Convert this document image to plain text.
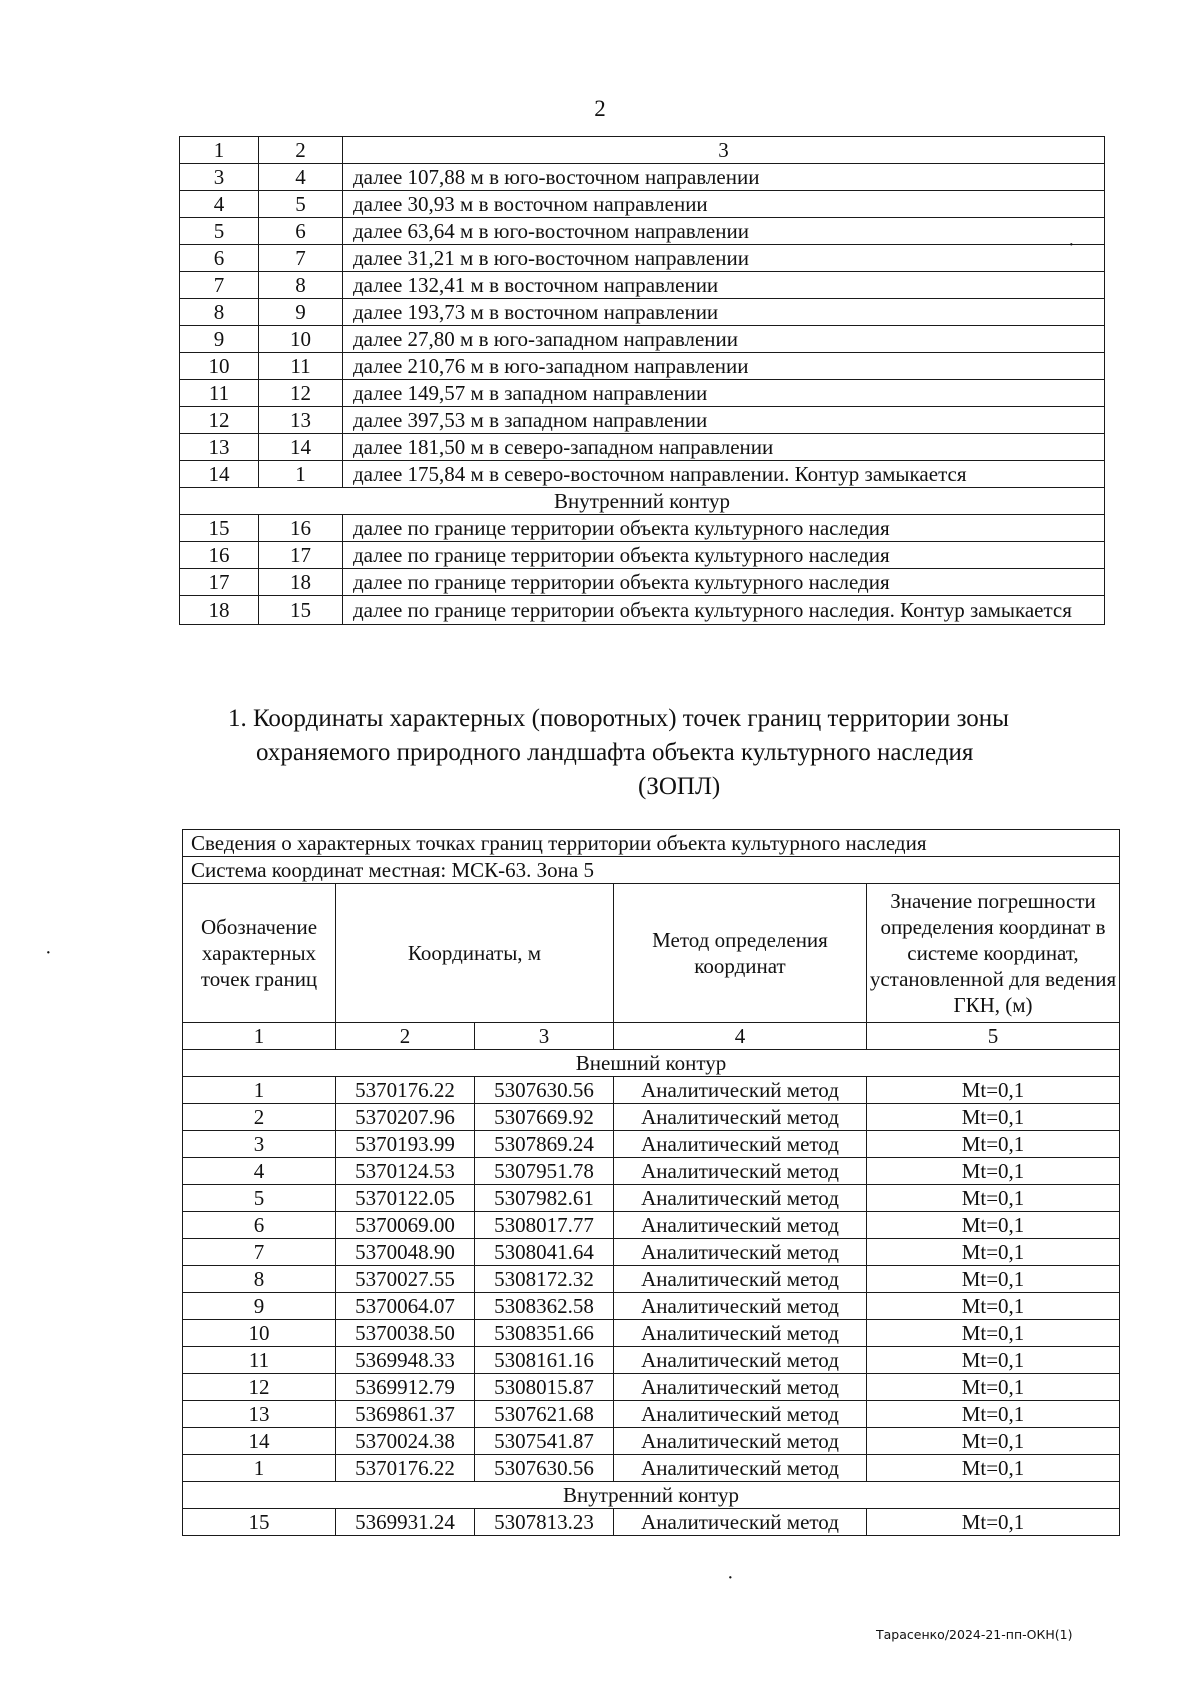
2
1	2	3
3	4	далее 107,88 м в юго-восточном направлении
4	5	далее 30,93 м в восточном направлении
5	6	далее 63,64 м в юго-восточном направлении
6	7	далее 31,21 м в юго-восточном направлении
7	8	далее 132,41 м в восточном направлении
8	9	далее 193,73 м в восточном направлении
9	10	далее 27,80 м в юго-западном направлении
10	11	далее 210,76 м в юго-западном направлении
11	12	далее 149,57 м в западном направлении
12	13	далее 397,53 м в западном направлении
13	14	далее 181,50 м в северо-западном направлении
14	1	далее 175,84 м в северо-восточном направлении. Контур замыкается
Внутренний контур		
15	16	далее по границе территории объекта культурного наследия
16	17	далее по границе территории объекта культурного наследия
17	18	далее по границе территории объекта культурного наследия
18	15	далее по границе территории объекта культурного наследия. Контур замыкается
1. Координаты характерных (поворотных) точек границ территории зоны
охраняемого природного ландшафта объекта культурного наследия
(ЗОПЛ)
Сведения о характерных точках границ территории объекта культурного наследия				
Система координат местная: МСК-63. Зона 5				
Обозначение характерных точек границ	Координаты, м		Метод определения координат	Значение погрешности определения координат в системе координат, установленной для ведения ГКН, (м)
1	2	3	4	5
Внешний контур				
1	5370176.22	5307630.56	Аналитический метод	Mt=0,1
2	5370207.96	5307669.92	Аналитический метод	Mt=0,1
3	5370193.99	5307869.24	Аналитический метод	Mt=0,1
4	5370124.53	5307951.78	Аналитический метод	Mt=0,1
5	5370122.05	5307982.61	Аналитический метод	Mt=0,1
6	5370069.00	5308017.77	Аналитический метод	Mt=0,1
7	5370048.90	5308041.64	Аналитический метод	Mt=0,1
8	5370027.55	5308172.32	Аналитический метод	Mt=0,1
9	5370064.07	5308362.58	Аналитический метод	Mt=0,1
10	5370038.50	5308351.66	Аналитический метод	Mt=0,1
11	5369948.33	5308161.16	Аналитический метод	Mt=0,1
12	5369912.79	5308015.87	Аналитический метод	Mt=0,1
13	5369861.37	5307621.68	Аналитический метод	Mt=0,1
14	5370024.38	5307541.87	Аналитический метод	Mt=0,1
1	5370176.22	5307630.56	Аналитический метод	Mt=0,1
Внутренний контур				
15	5369931.24	5307813.23	Аналитический метод	Mt=0,1
·
·
·
Тарасенко/2024-21-пп-ОКН(1)
